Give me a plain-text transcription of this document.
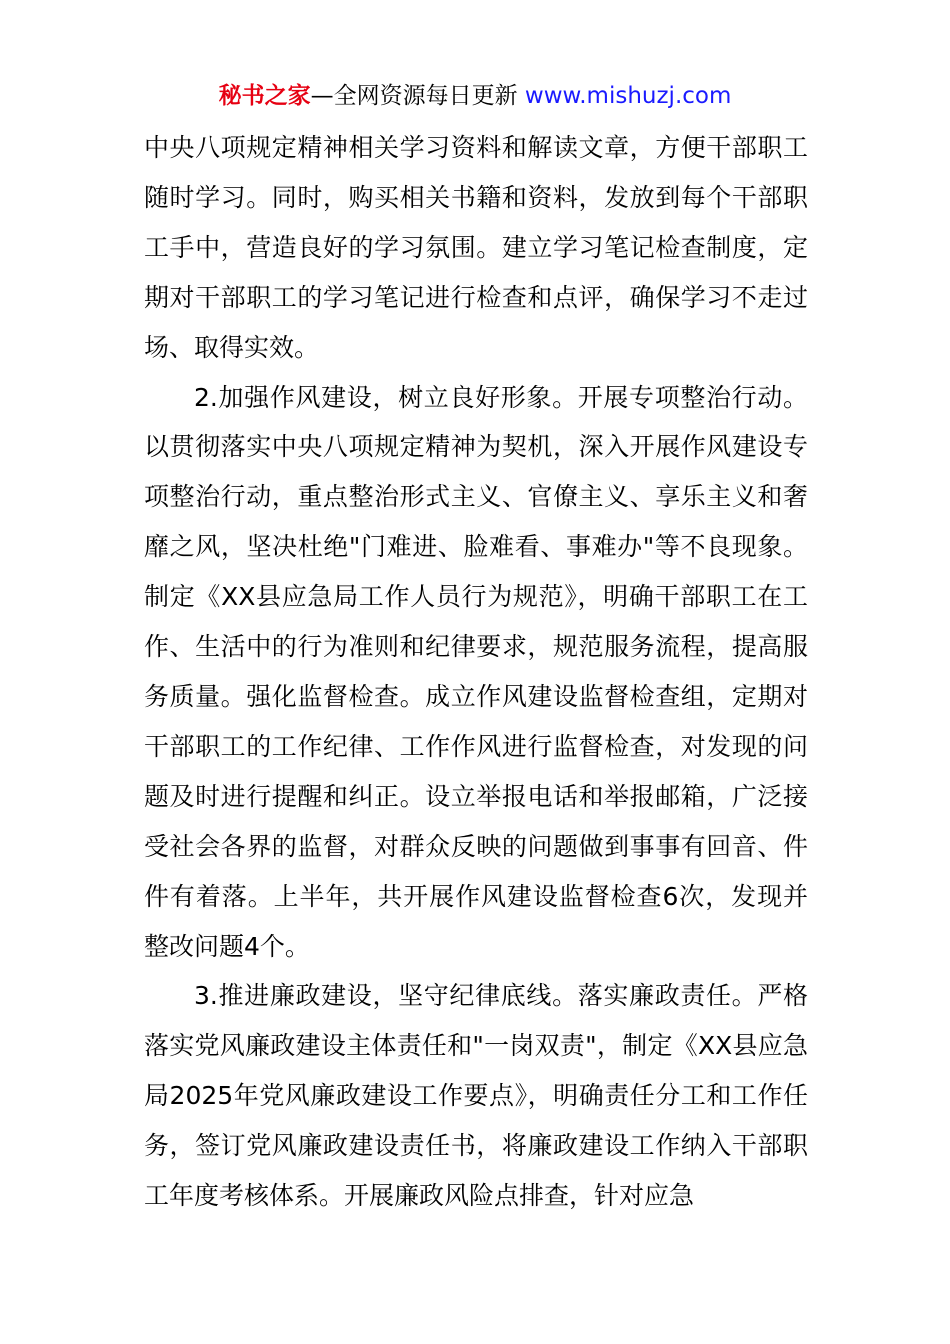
秘书之家—全网资源每日更新 www.mishuzj.com

中央八项规定精神相关学习资料和解读文章，方便干部职工随时学习。同时，购买相关书籍和资料，发放到每个干部职工手中，营造良好的学习氛围。建立学习笔记检查制度，定期对干部职工的学习笔记进行检查和点评，确保学习不走过场、取得实效。

2.加强作风建设，树立良好形象。开展专项整治行动。以贯彻落实中央八项规定精神为契机，深入开展作风建设专项整治行动，重点整治形式主义、官僚主义、享乐主义和奢靡之风，坚决杜绝"门难进、脸难看、事难办"等不良现象。制定《XX县应急局工作人员行为规范》，明确干部职工在工作、生活中的行为准则和纪律要求，规范服务流程，提高服务质量。强化监督检查。成立作风建设监督检查组，定期对干部职工的工作纪律、工作作风进行监督检查，对发现的问题及时进行提醒和纠正。设立举报电话和举报邮箱，广泛接受社会各界的监督，对群众反映的问题做到事事有回音、件件有着落。上半年，共开展作风建设监督检查6次，发现并整改问题4个。

3.推进廉政建设，坚守纪律底线。落实廉政责任。严格落实党风廉政建设主体责任和"一岗双责"，制定《XX县应急局2025年党风廉政建设工作要点》，明确责任分工和工作任务，签订党风廉政建设责任书，将廉政建设工作纳入干部职工年度考核体系。开展廉政风险点排查，针对应急
